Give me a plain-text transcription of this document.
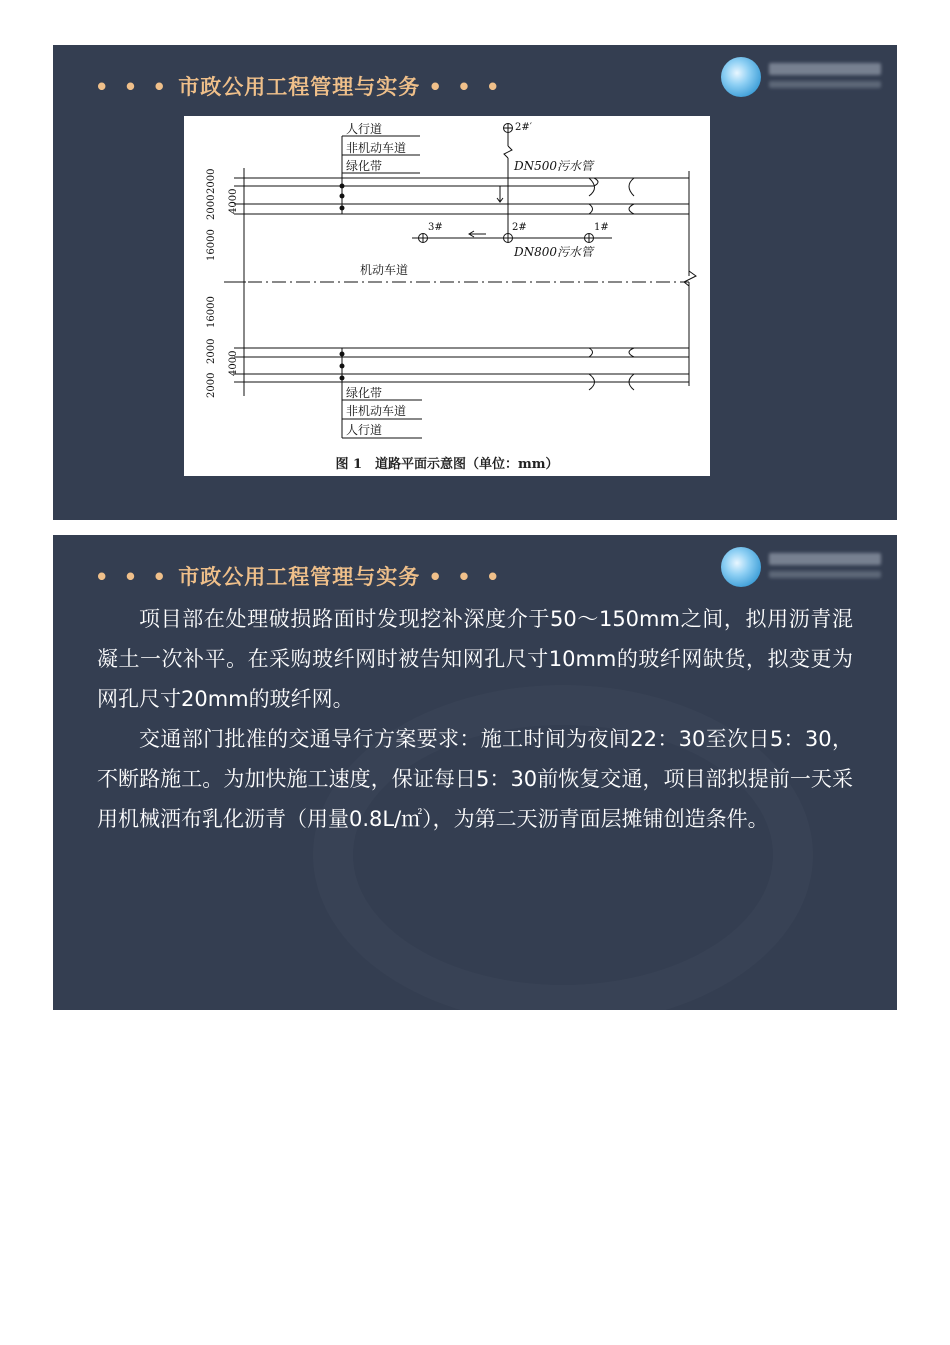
• • • 市政公用工程管理与实务 • • •
人行道
非机动车道
绿化带
机动车道
绿化带
非机动车道
人行道
DN500污水管
DN800污水管
2#′
3#	2#	1#
2000
2000 4000
16000
16000
2000 4000
2000
图 1　道路平面示意图（单位：mm）
• • • 市政公用工程管理与实务 • • •

项目部在处理破损路面时发现挖补深度介于50～150mm之间，拟用沥青混凝土一次补平。在采购玻纤网时被告知网孔尺寸10mm的玻纤网缺货，拟变更为网孔尺寸20mm的玻纤网。

交通部门批准的交通导行方案要求：施工时间为夜间22：30至次日5：30，不断路施工。为加快施工速度，保证每日5：30前恢复交通，项目部拟提前一天采用机械洒布乳化沥青（用量0.8L/㎡），为第二天沥青面层摊铺创造条件。
